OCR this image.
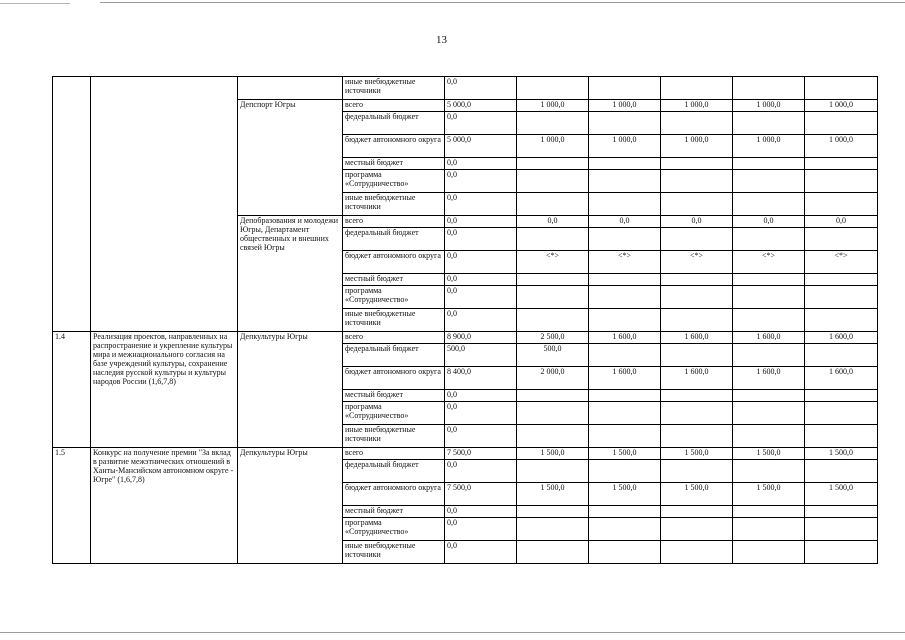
13
			иные внебюджетные источники	0,0					
		Депспорт Югры	всего	5 000,0	1 000,0	1 000,0	1 000,0	1 000,0	1 000,0
			федеральный бюджет	0,0					
			бюджет автономного округа	5 000,0	1 000,0	1 000,0	1 000,0	1 000,0	1 000,0
			местный бюджет	0,0					
			программа «Сотрудничество»	0,0					
			иные внебюджетные источники	0,0					
		Депобразования и молодежи Югры, Департамент общественных и внешних связей Югры	всего	0,0	0,0	0,0	0,0	0,0	0,0
			федеральный бюджет	0,0					
			бюджет автономного округа	0,0	<*>	<*>	<*>	<*>	<*>
			местный бюджет	0,0					
			программа «Сотрудничество»	0,0					
			иные внебюджетные источники	0,0					
1.4	Реализация проектов, направленных на распространение и укрепление культуры мира и межнационального согласия на базе учреждений культуры, сохранение наследия русской культуры и культуры народов России (1,6,7,8)	Депкультуры Югры	всего	8 900,0	2 500,0	1 600,0	1 600,0	1 600,0	1 600,0
			федеральный бюджет	500,0	500,0				
			бюджет автономного округа	8 400,0	2 000,0	1 600,0	1 600,0	1 600,0	1 600,0
			местный бюджет	0,0					
			программа «Сотрудничество»	0,0					
			иные внебюджетные источники	0,0					
1.5	Конкурс на получение премии "За вклад в развитие межэтнических отношений в Ханты-Мансийском автономном округе - Югре" (1,6,7,8)	Депкультуры Югры	всего	7 500,0	1 500,0	1 500,0	1 500,0	1 500,0	1 500,0
			федеральный бюджет	0,0					
			бюджет автономного округа	7 500,0	1 500,0	1 500,0	1 500,0	1 500,0	1 500,0
			местный бюджет	0,0					
			программа «Сотрудничество»	0,0					
			иные внебюджетные источники	0,0					
